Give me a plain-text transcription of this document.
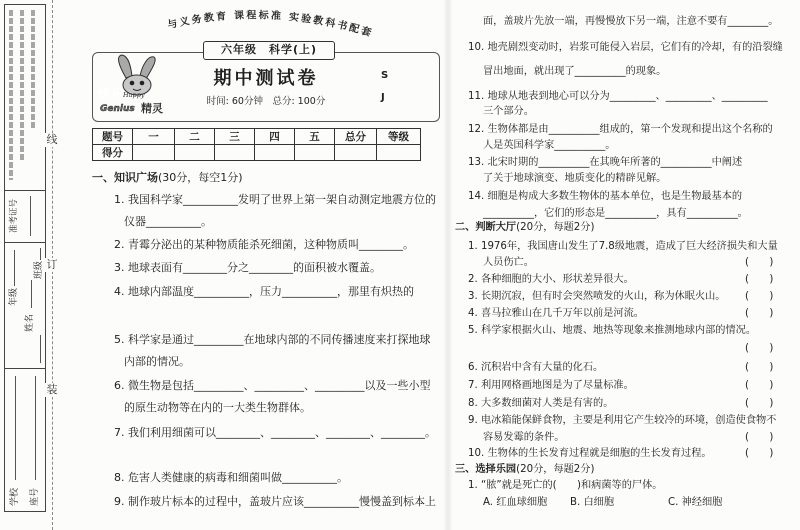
准考证号
班级
年级
姓名
学校 座号
线
订
装
与义务教育 课程标准 实验教科书配套
六年级　科学(上)
期中测试卷
时间: 60分钟　总分: 100分
S
J
快乐
Happy
Genius 精灵
题号	一	二	三	四	五	总分	等级
得分							
一、知识广场(30分，每空1分)
1. 我国科学家__________发明了世界上第一架自动测定地震方位的
仪器__________。
2. 青霉分泌出的某种物质能杀死细菌，这种物质叫________。
3. 地球表面有________分之________的面积被水覆盖。
4. 地球内部温度__________，压力__________，那里有炽热的
5. 科学家是通过_________在地球内部的不同传播速度来打探地球
内部的情况。
6. 微生物是包括_________、_________、_________以及一些小型
的原生动物等在内的一大类生物群体。
7. 我们利用细菌可以________、________、________、________。
8. 危害人类健康的病毒和细菌叫做__________。
9. 制作玻片标本的过程中，盖玻片应该__________慢慢盖到标本上
面，盖玻片先放一端，再慢慢放下另一端，注意不要有________。
10. 地壳剧烈变动时，岩浆可能侵入岩层，它们有的冷却，有的沿裂缝
冒出地面，就出现了__________的现象。
11. 地球从地表到地心可以分为_________、_________、_________
三个部分。
12. 生物体都是由__________组成的，第一个发现和提出这个名称的
人是英国科学家__________。
13. 北宋时期的__________在其晚年所著的__________中阐述
了关于地球演变、地质变化的精辟见解。
14. 细胞是构成大多数生物体的基本单位，也是生物最基本的
__________，它们的形态是__________，具有__________。
二、判断大厅(20分，每题2分)
1. 1976年，我国唐山发生了7.8级地震，造成了巨大经济损失和大量
人员伤亡。	(　　)
2. 各种细胞的大小、形状差异很大。	(　　)
3. 长期沉寂，但有时会突然喷发的火山，称为休眠火山。 (　　)
4. 喜马拉雅山在几千万年以前是河流。	(　　)
5. 科学家根据火山、地震、地热等现象来推测地球内部的情况。
(　　)
6. 沉积岩中含有大量的化石。	(　　)
7. 利用网格画地图是为了尽量标准。	(　　)
8. 大多数细菌对人类是有害的。	(　　)
9. 电冰箱能保鲜食物，主要是利用它产生较冷的环境，创造使食物不
容易发霉的条件。	(　　)
10. 生物体的生长发育过程就是细胞的生长发育过程。	(　　)
三、选择乐园(20分，每题2分)
1. “脓”就是死亡的(　　)和病菌等的尸体。
A. 红血球细胞 B. 白细胞	C. 神经细胞
